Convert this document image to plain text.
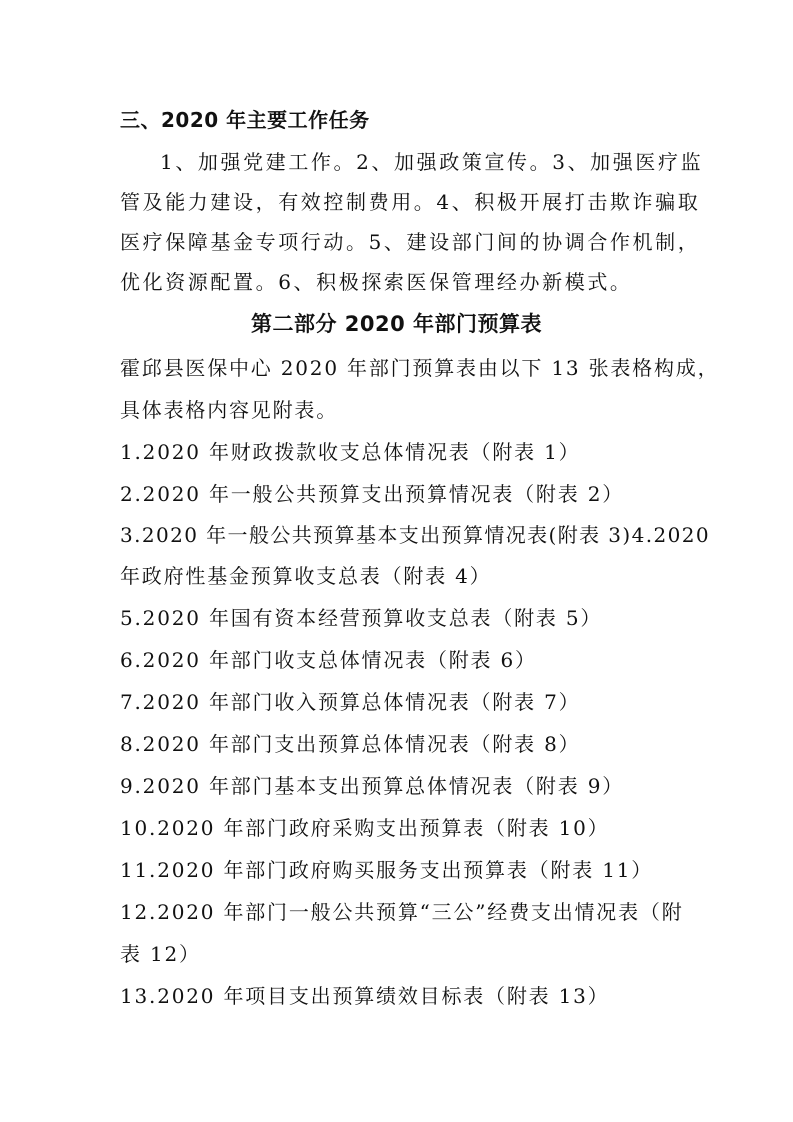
三、2020 年主要工作任务
1、加强党建工作。2、加强政策宣传。3、加强医疗监
管及能力建设，有效控制费用。4、积极开展打击欺诈骗取
医疗保障基金专项行动。5、建设部门间的协调合作机制，
优化资源配置。6、积极探索医保管理经办新模式。
第二部分 2020 年部门预算表
霍邱县医保中心 2020 年部门预算表由以下 13 张表格构成，
具体表格内容见附表。
1.2020 年财政拨款收支总体情况表（附表 1）
2.2020 年一般公共预算支出预算情况表（附表 2）
3.2020 年一般公共预算基本支出预算情况表(附表 3)4.2020
年政府性基金预算收支总表（附表 4）
5.2020 年国有资本经营预算收支总表（附表 5）
6.2020 年部门收支总体情况表（附表 6）
7.2020 年部门收入预算总体情况表（附表 7）
8.2020 年部门支出预算总体情况表（附表 8）
9.2020 年部门基本支出预算总体情况表（附表 9）
10.2020 年部门政府采购支出预算表（附表 10）
11.2020 年部门政府购买服务支出预算表（附表 11）
12.2020 年部门一般公共预算“三公”经费支出情况表（附
表 12）
13.2020 年项目支出预算绩效目标表（附表 13）
